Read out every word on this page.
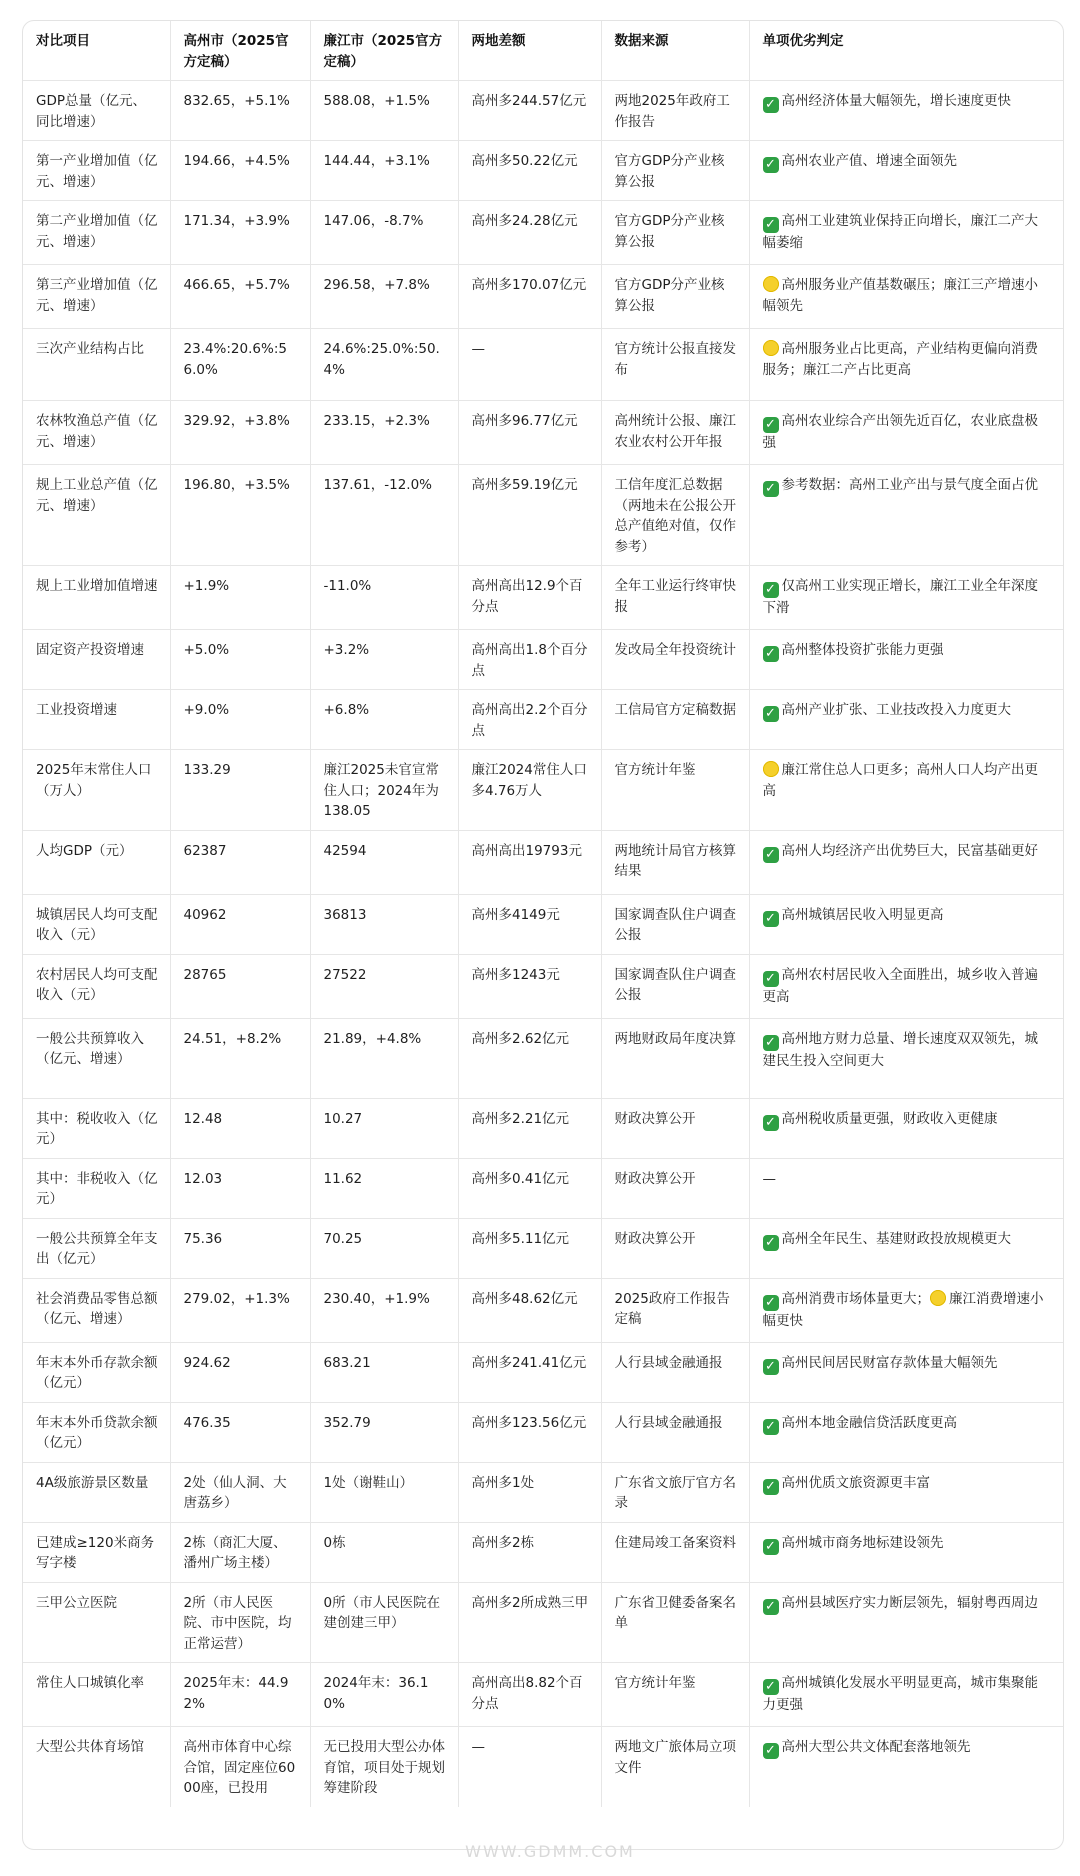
对比项目	高州市（2025官方定稿）	廉江市（2025官方定稿）	两地差额	数据来源	单项优劣判定
GDP总量（亿元、同比增速）	832.65，+5.1%	588.08，+1.5%	高州多244.57亿元	两地2025年政府工作报告	✓ 高州经济体量大幅领先，增长速度更快
第一产业增加值（亿元、增速）	194.66，+4.5%	144.44，+3.1%	高州多50.22亿元	官方GDP分产业核算公报	✓ 高州农业产值、增速全面领先
第二产业增加值（亿元、增速）	171.34，+3.9%	147.06，-8.7%	高州多24.28亿元	官方GDP分产业核算公报	✓ 高州工业建筑业保持正向增长，廉江二产大幅萎缩
第三产业增加值（亿元、增速）	466.65，+5.7%	296.58，+7.8%	高州多170.07亿元	官方GDP分产业核算公报	高州服务业产值基数碾压；廉江三产增速小幅领先
三次产业结构占比	23.4%:20.6%:56.0%	24.6%:25.0%:50.4%	—	官方统计公报直接发布	高州服务业占比更高，产业结构更偏向消费服务；廉江二产占比更高
农林牧渔总产值（亿元、增速）	329.92，+3.8%	233.15，+2.3%	高州多96.77亿元	高州统计公报、廉江农业农村公开年报	✓ 高州农业综合产出领先近百亿，农业底盘极强
规上工业总产值（亿元、增速）	196.80，+3.5%	137.61，-12.0%	高州多59.19亿元	工信年度汇总数据（两地未在公报公开总产值绝对值，仅作参考）	✓ 参考数据：高州工业产出与景气度全面占优
规上工业增加值增速	+1.9%	-11.0%	高州高出12.9个百分点	全年工业运行终审快报	✓ 仅高州工业实现正增长，廉江工业全年深度下滑
固定资产投资增速	+5.0%	+3.2%	高州高出1.8个百分点	发改局全年投资统计	✓ 高州整体投资扩张能力更强
工业投资增速	+9.0%	+6.8%	高州高出2.2个百分点	工信局官方定稿数据	✓ 高州产业扩张、工业技改投入力度更大
2025年末常住人口（万人）	133.29	廉江2025未官宣常住人口；2024年为138.05	廉江2024常住人口多4.76万人	官方统计年鉴	廉江常住总人口更多；高州人口人均产出更高
人均GDP（元）	62387	42594	高州高出19793元	两地统计局官方核算结果	✓ 高州人均经济产出优势巨大，民富基础更好
城镇居民人均可支配收入（元）	40962	36813	高州多4149元	国家调查队住户调查公报	✓ 高州城镇居民收入明显更高
农村居民人均可支配收入（元）	28765	27522	高州多1243元	国家调查队住户调查公报	✓ 高州农村居民收入全面胜出，城乡收入普遍更高
一般公共预算收入（亿元、增速）	24.51，+8.2%	21.89，+4.8%	高州多2.62亿元	两地财政局年度决算	✓ 高州地方财力总量、增长速度双双领先，城建民生投入空间更大
其中：税收收入（亿元）	12.48	10.27	高州多2.21亿元	财政决算公开	✓ 高州税收质量更强，财政收入更健康
其中：非税收入（亿元）	12.03	11.62	高州多0.41亿元	财政决算公开	—
一般公共预算全年支出（亿元）	75.36	70.25	高州多5.11亿元	财政决算公开	✓ 高州全年民生、基建财政投放规模更大
社会消费品零售总额（亿元、增速）	279.02，+1.3%	230.40，+1.9%	高州多48.62亿元	2025政府工作报告定稿	✓ 高州消费市场体量更大； 廉江消费增速小幅更快
年末本外币存款余额（亿元）	924.62	683.21	高州多241.41亿元	人行县域金融通报	✓ 高州民间居民财富存款体量大幅领先
年末本外币贷款余额（亿元）	476.35	352.79	高州多123.56亿元	人行县域金融通报	✓ 高州本地金融信贷活跃度更高
4A级旅游景区数量	2处（仙人洞、大唐荔乡）	1处（谢鞋山）	高州多1处	广东省文旅厅官方名录	✓ 高州优质文旅资源更丰富
已建成≥120米商务写字楼	2栋（商汇大厦、潘州广场主楼）	0栋	高州多2栋	住建局竣工备案资料	✓ 高州城市商务地标建设领先
三甲公立医院	2所（市人民医院、市中医院，均正常运营）	0所（市人民医院在建创建三甲）	高州多2所成熟三甲	广东省卫健委备案名单	✓ 高州县域医疗实力断层领先，辐射粤西周边
常住人口城镇化率	2025年末：44.92%	2024年末：36.10%	高州高出8.82个百分点	官方统计年鉴	✓ 高州城镇化发展水平明显更高，城市集聚能力更强
大型公共体育场馆	高州市体育中心综合馆，固定座位6000座，已投用	无已投用大型公办体育馆，项目处于规划筹建阶段	—	两地文广旅体局立项文件	✓ 高州大型公共文体配套落地领先
WWW.GDMM.COM
